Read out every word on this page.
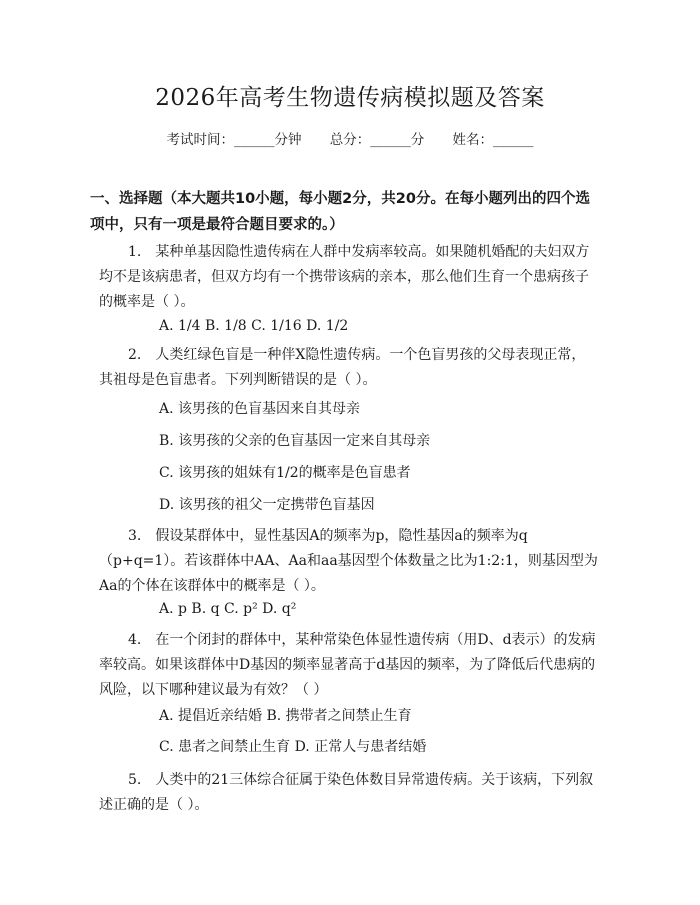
2026年高考生物遗传病模拟题及答案
考试时间：______分钟 总分：______分 姓名：______
一、选择题（本大题共10小题，每小题2分，共20分。在每小题列出的四个选项中，只有一项是最符合题目要求的。）
1.　某种单基因隐性遗传病在人群中发病率较高。如果随机婚配的夫妇双方均不是该病患者，但双方均有一个携带该病的亲本，那么他们生育一个患病孩子的概率是（ ）。
A. 1/4 B. 1/8 C. 1/16 D. 1/2
2.　人类红绿色盲是一种伴X隐性遗传病。一个色盲男孩的父母表现正常，其祖母是色盲患者。下列判断错误的是（ ）。
A. 该男孩的色盲基因来自其母亲
B. 该男孩的父亲的色盲基因一定来自其母亲
C. 该男孩的姐妹有1/2的概率是色盲患者
D. 该男孩的祖父一定携带色盲基因
3.　假设某群体中，显性基因A的频率为p，隐性基因a的频率为q（p+q=1）。若该群体中AA、Aa和aa基因型个体数量之比为1:2:1，则基因型为Aa的个体在该群体中的概率是（ ）。
A. p B. q C. p² D. q²
4.　在一个闭封的群体中，某种常染色体显性遗传病（用D、d表示）的发病率较高。如果该群体中D基因的频率显著高于d基因的频率，为了降低后代患病的风险，以下哪种建议最为有效？（ ）
A. 提倡近亲结婚 B. 携带者之间禁止生育
C. 患者之间禁止生育 D. 正常人与患者结婚
5.　人类中的21三体综合征属于染色体数目异常遗传病。关于该病，下列叙述正确的是（ ）。
